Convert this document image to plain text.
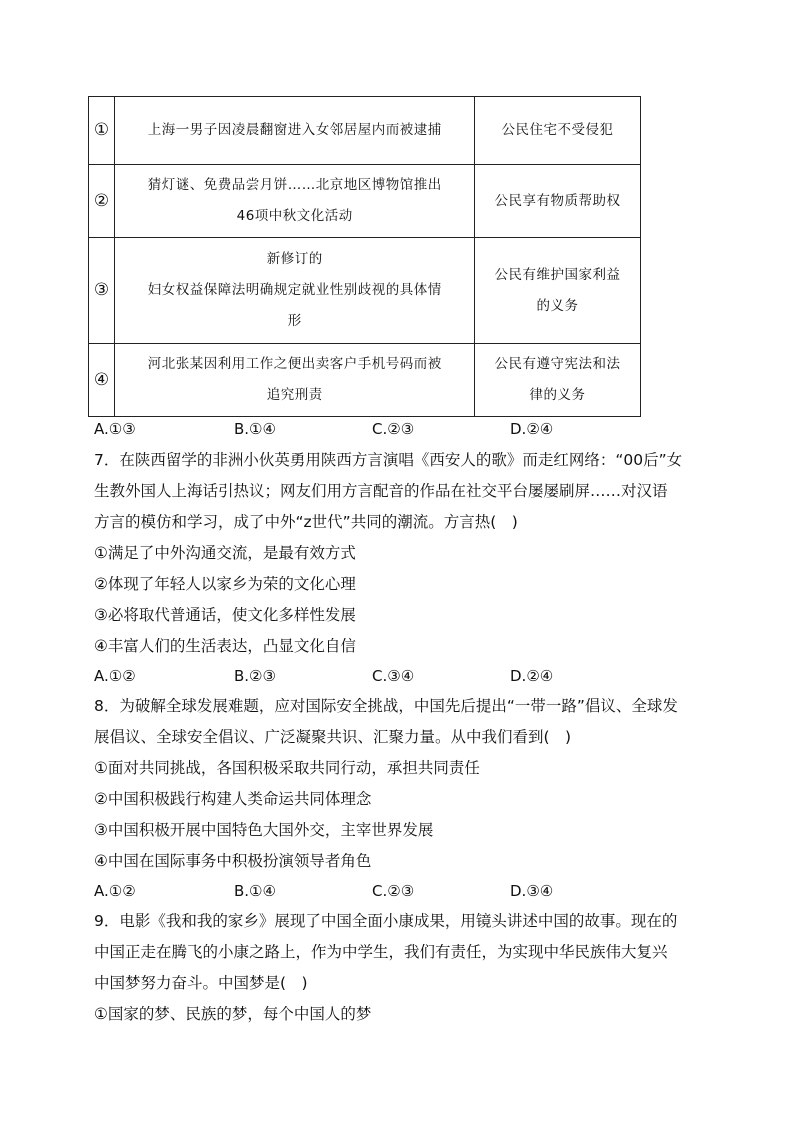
①	上海一男子因凌晨翻窗进入女邻居屋内而被逮捕	公民住宅不受侵犯

②	猜灯谜、免费品尝月饼……北京地区博物馆推出
46项中秋文化活动	公民享有物质帮助权

③	新修订的
妇女权益保障法明确规定就业性别歧视的具体情
形	公民有维护国家利益
的义务

④	河北张某因利用工作之便出卖客户手机号码而被
追究刑责	公民有遵守宪法和法
律的义务
A.①③	B.①④	C.②③	D.②④
7．在陕西留学的非洲小伙英勇用陕西方言演唱《西安人的歌》而走红网络：“00后”女
生教外国人上海话引热议；网友们用方言配音的作品在社交平台屡屡刷屏……对汉语
方言的模仿和学习，成了中外“z世代”共同的潮流。方言热(　)
①满足了中外沟通交流，是最有效方式
②体现了年轻人以家乡为荣的文化心理
③必将取代普通话，使文化多样性发展
④丰富人们的生活表达，凸显文化自信
A.①②	B.②③	C.③④	D.②④
8．为破解全球发展难题，应对国际安全挑战，中国先后提出“一带一路”倡议、全球发
展倡议、全球安全倡议、广泛凝聚共识、汇聚力量。从中我们看到(　)
①面对共同挑战，各国积极采取共同行动，承担共同责任
②中国积极践行构建人类命运共同体理念
③中国积极开展中国特色大国外交，主宰世界发展
④中国在国际事务中积极扮演领导者角色
A.①②	B.①④	C.②③	D.③④
9．电影《我和我的家乡》展现了中国全面小康成果，用镜头讲述中国的故事。现在的
中国正走在腾飞的小康之路上，作为中学生，我们有责任，为实现中华民族伟大复兴
中国梦努力奋斗。中国梦是(　)
①国家的梦、民族的梦，每个中国人的梦
